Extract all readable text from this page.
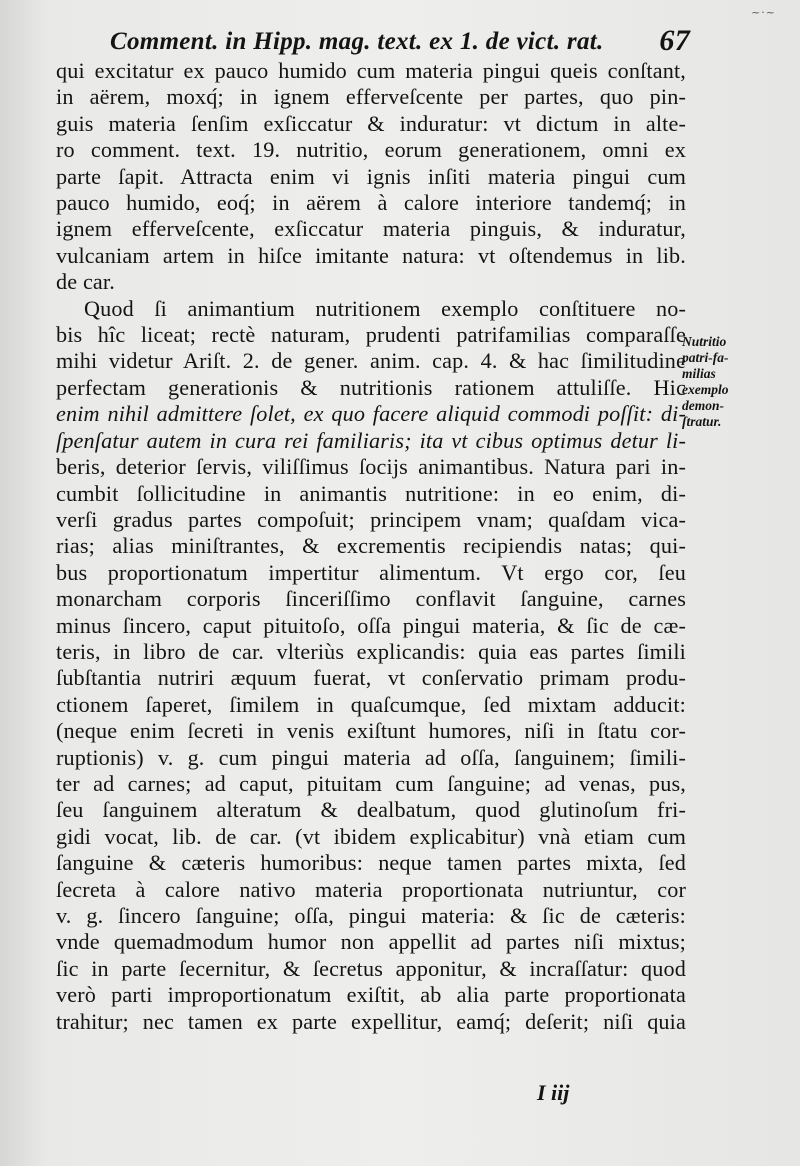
~·~
Comment. in Hipp. mag. text. ex 1. de vict. rat. 67
qui excitatur ex pauco humido cum materia pingui queis conſtant,
in aërem, moxq́; in ignem efferveſcente per partes, quo pin-
guis materia ſenſim exſiccatur & induratur: vt dictum in alte-
ro comment. text. 19. nutritio, eorum generationem, omni ex
parte ſapit. Attracta enim vi ignis inſiti materia pingui cum
pauco humido, eoq́; in aërem à calore interiore tandemq́; in
ignem efferveſcente, exſiccatur materia pinguis, & induratur,
vulcaniam artem in hiſce imitante natura: vt oſtendemus in lib.
de car.
Quod ſi animantium nutritionem exemplo conſtituere no-
bis hîc liceat; rectè naturam, prudenti patrifamilias comparaſſe
mihi videtur Ariſt. 2. de gener. anim. cap. 4. & hac ſimilitudine
perfectam generationis & nutritionis rationem attuliſſe. Hic
enim nihil admittere ſolet, ex quo facere aliquid commodi poſſit: di-
ſpenſatur autem in cura rei familiaris; ita vt cibus optimus detur li-
beris, deterior ſervis, viliſſimus ſocijs animantibus. Natura pari in-
cumbit ſollicitudine in animantis nutritione: in eo enim, di-
verſi gradus partes compoſuit; principem vnam; quaſdam vica-
rias; alias miniſtrantes, & excrementis recipiendis natas; qui-
bus proportionatum impertitur alimentum. Vt ergo cor, ſeu
monarcham corporis ſinceriſſimo conflavit ſanguine, carnes
minus ſincero, caput pituitoſo, oſſa pingui materia, & ſic de cæ-
teris, in libro de car. vlteriùs explicandis: quia eas partes ſimili
ſubſtantia nutriri æquum fuerat, vt conſervatio primam produ-
ctionem ſaperet, ſimilem in quaſcumque, ſed mixtam adducit:
(neque enim ſecreti in venis exiſtunt humores, niſi in ſtatu cor-
ruptionis) v. g. cum pingui materia ad oſſa, ſanguinem; ſimili-
ter ad carnes; ad caput, pituitam cum ſanguine; ad venas, pus,
ſeu ſanguinem alteratum & dealbatum, quod glutinoſum fri-
gidi vocat, lib. de car. (vt ibidem explicabitur) vnà etiam cum
ſanguine & cæteris humoribus: neque tamen partes mixta, ſed
ſecreta à calore nativo materia proportionata nutriuntur, cor
v. g. ſincero ſanguine; oſſa, pingui materia: & ſic de cæteris:
vnde quemadmodum humor non appellit ad partes niſi mixtus;
ſic in parte ſecernitur, & ſecretus apponitur, & incraſſatur: quod
verò parti improportionatum exiſtit, ab alia parte proportionata
trahitur; nec tamen ex parte expellitur, eamq́; deſerit; niſi quia
Nutritio
patri-fa-
milias
exemplo
demon-
ſtratur.
I iij
